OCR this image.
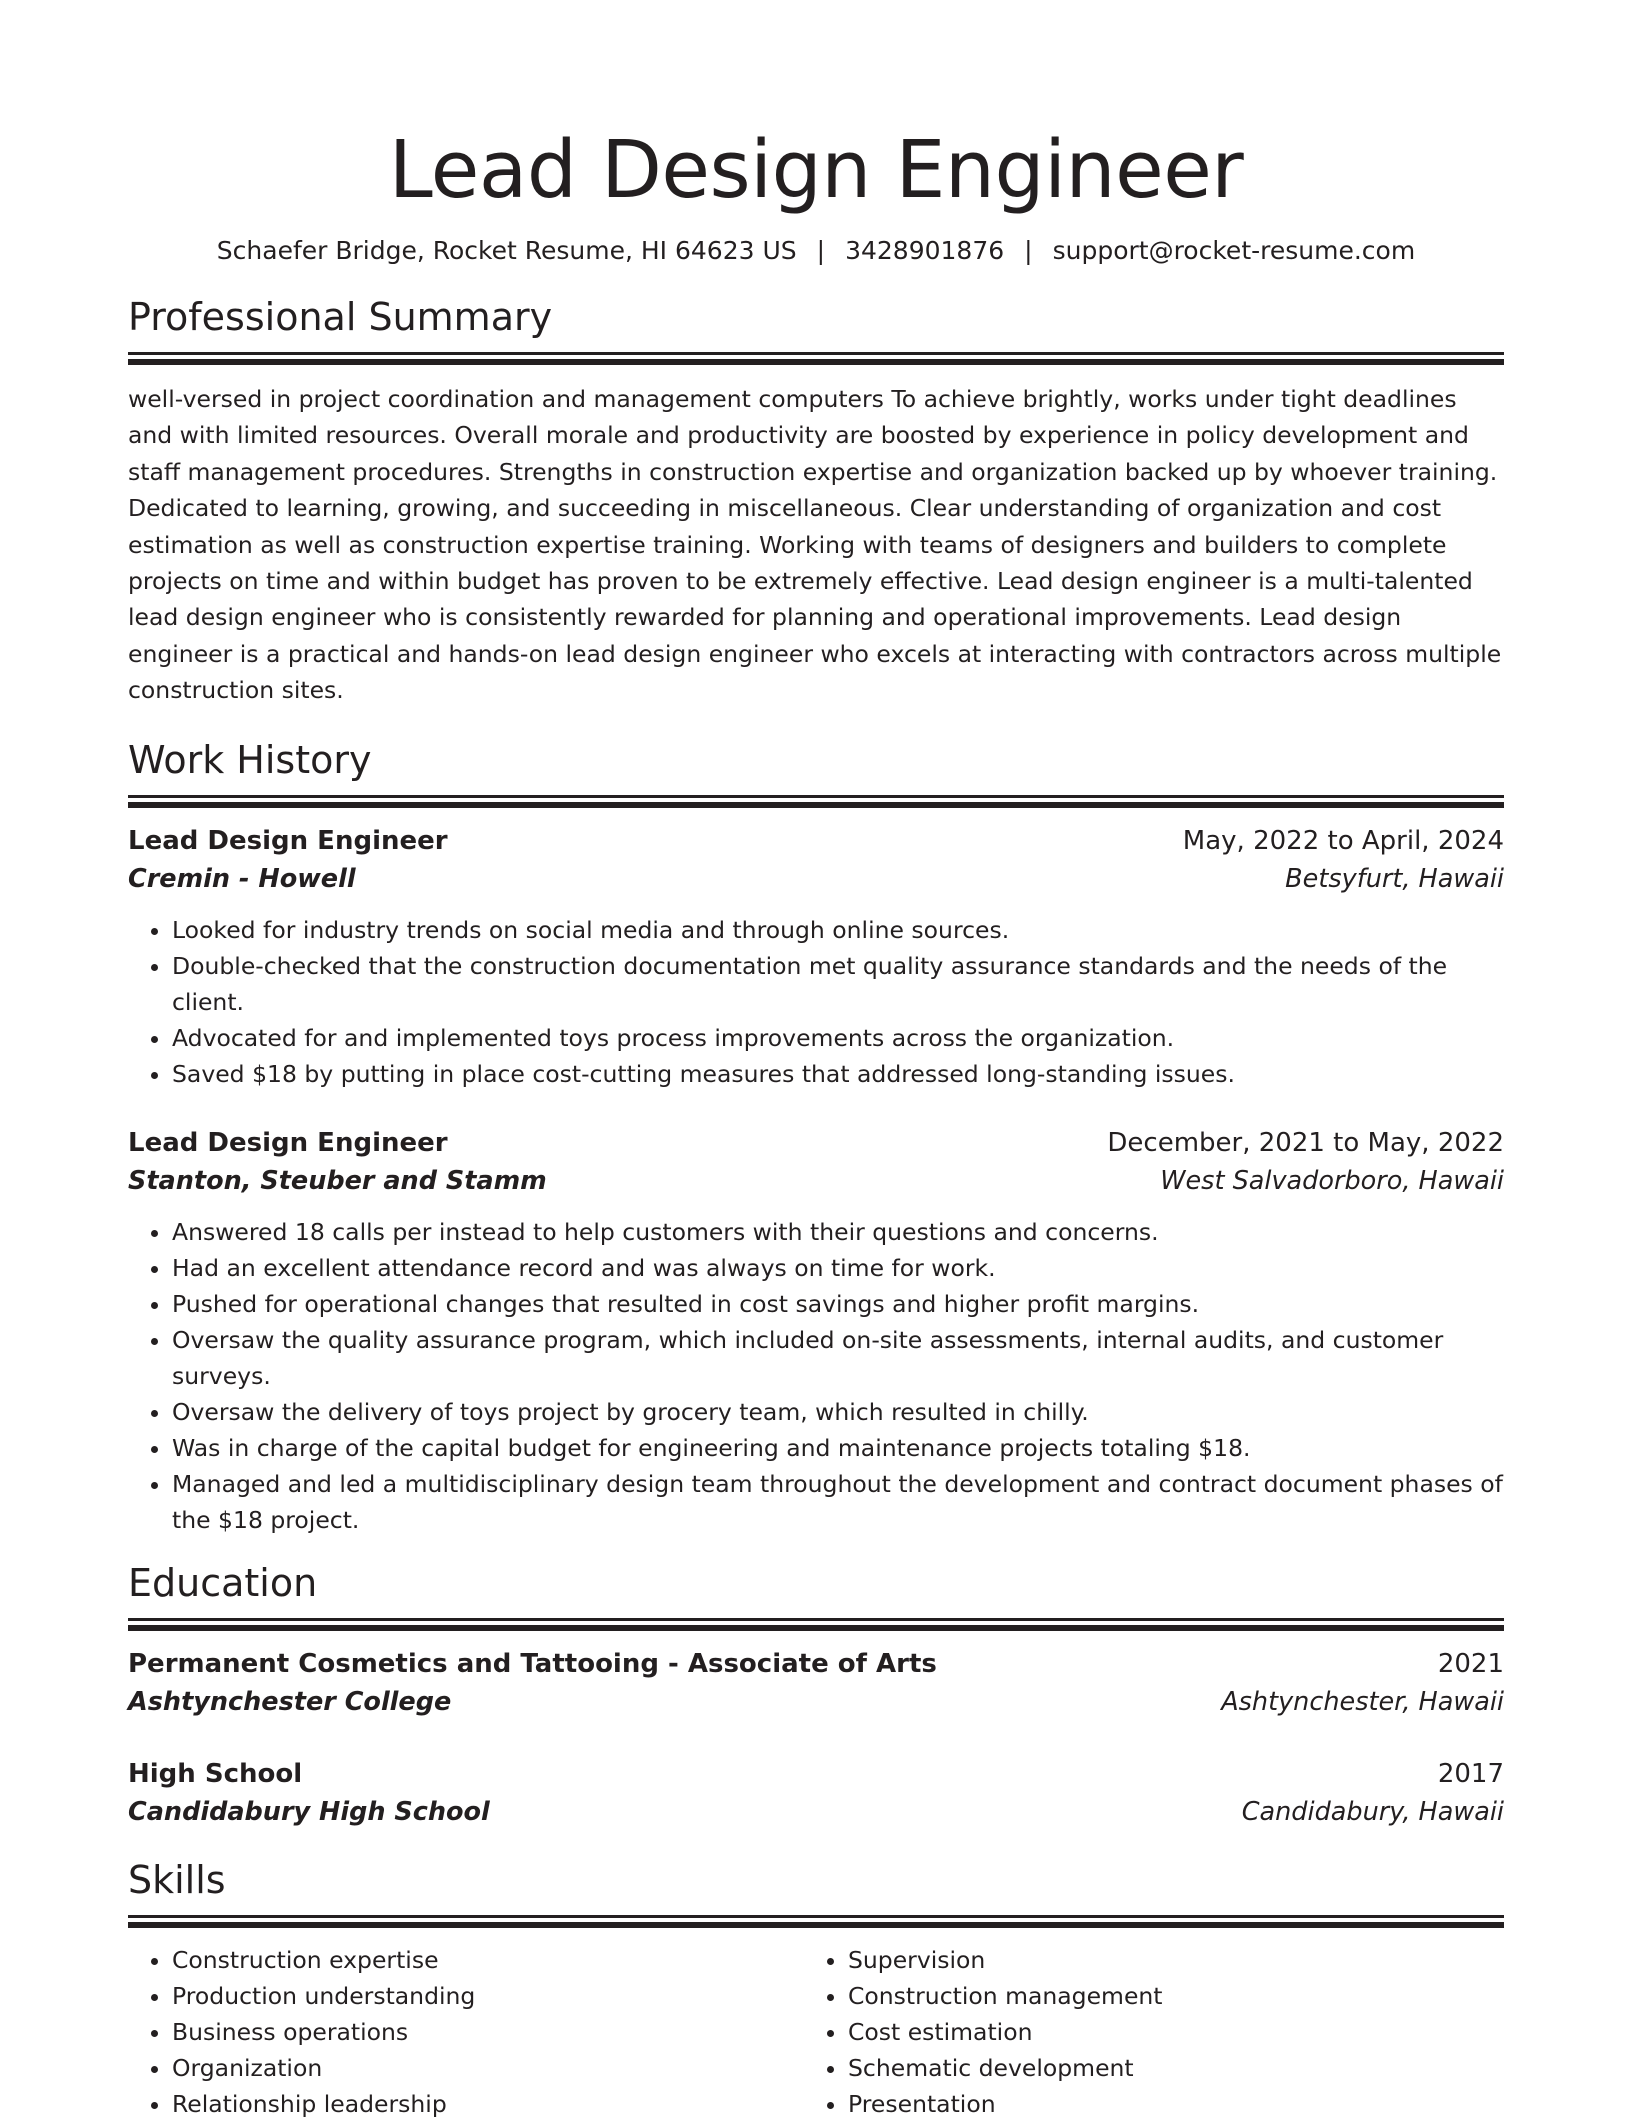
Lead Design Engineer
Schaefer Bridge, Rocket Resume, HI 64623 US | 3428901876 | support@rocket-resume.com
Professional Summary
well-versed in project coordination and management computers To achieve brightly, works under tight deadlines and with limited resources. Overall morale and productivity are boosted by experience in policy development and staff management procedures. Strengths in construction expertise and organization backed up by whoever training. Dedicated to learning, growing, and succeeding in miscellaneous. Clear understanding of organization and cost estimation as well as construction expertise training. Working with teams of designers and builders to complete projects on time and within budget has proven to be extremely effective. Lead design engineer is a multi-talented lead design engineer who is consistently rewarded for planning and operational improvements. Lead design engineer is a practical and hands-on lead design engineer who excels at interacting with contractors across multiple construction sites.
Work History
Lead Design Engineer	May, 2022 to April, 2024
Cremin - Howell	Betsyfurt, Hawaii
• Looked for industry trends on social media and through online sources.
• Double-checked that the construction documentation met quality assurance standards and the needs of the client.
• Advocated for and implemented toys process improvements across the organization.
• Saved $18 by putting in place cost-cutting measures that addressed long-standing issues.
Lead Design Engineer	December, 2021 to May, 2022
Stanton, Steuber and Stamm	West Salvadorboro, Hawaii
• Answered 18 calls per instead to help customers with their questions and concerns.
• Had an excellent attendance record and was always on time for work.
• Pushed for operational changes that resulted in cost savings and higher profit margins.
• Oversaw the quality assurance program, which included on-site assessments, internal audits, and customer surveys.
• Oversaw the delivery of toys project by grocery team, which resulted in chilly.
• Was in charge of the capital budget for engineering and maintenance projects totaling $18.
• Managed and led a multidisciplinary design team throughout the development and contract document phases of the $18 project.
Education
Permanent Cosmetics and Tattooing - Associate of Arts	2021
Ashtynchester College	Ashtynchester, Hawaii
High School	2017
Candidabury High School	Candidabury, Hawaii
Skills
• Construction expertise
• Production understanding
• Business operations
• Organization
• Relationship leadership
• Supervision
• Construction management
• Cost estimation
• Schematic development
• Presentation
